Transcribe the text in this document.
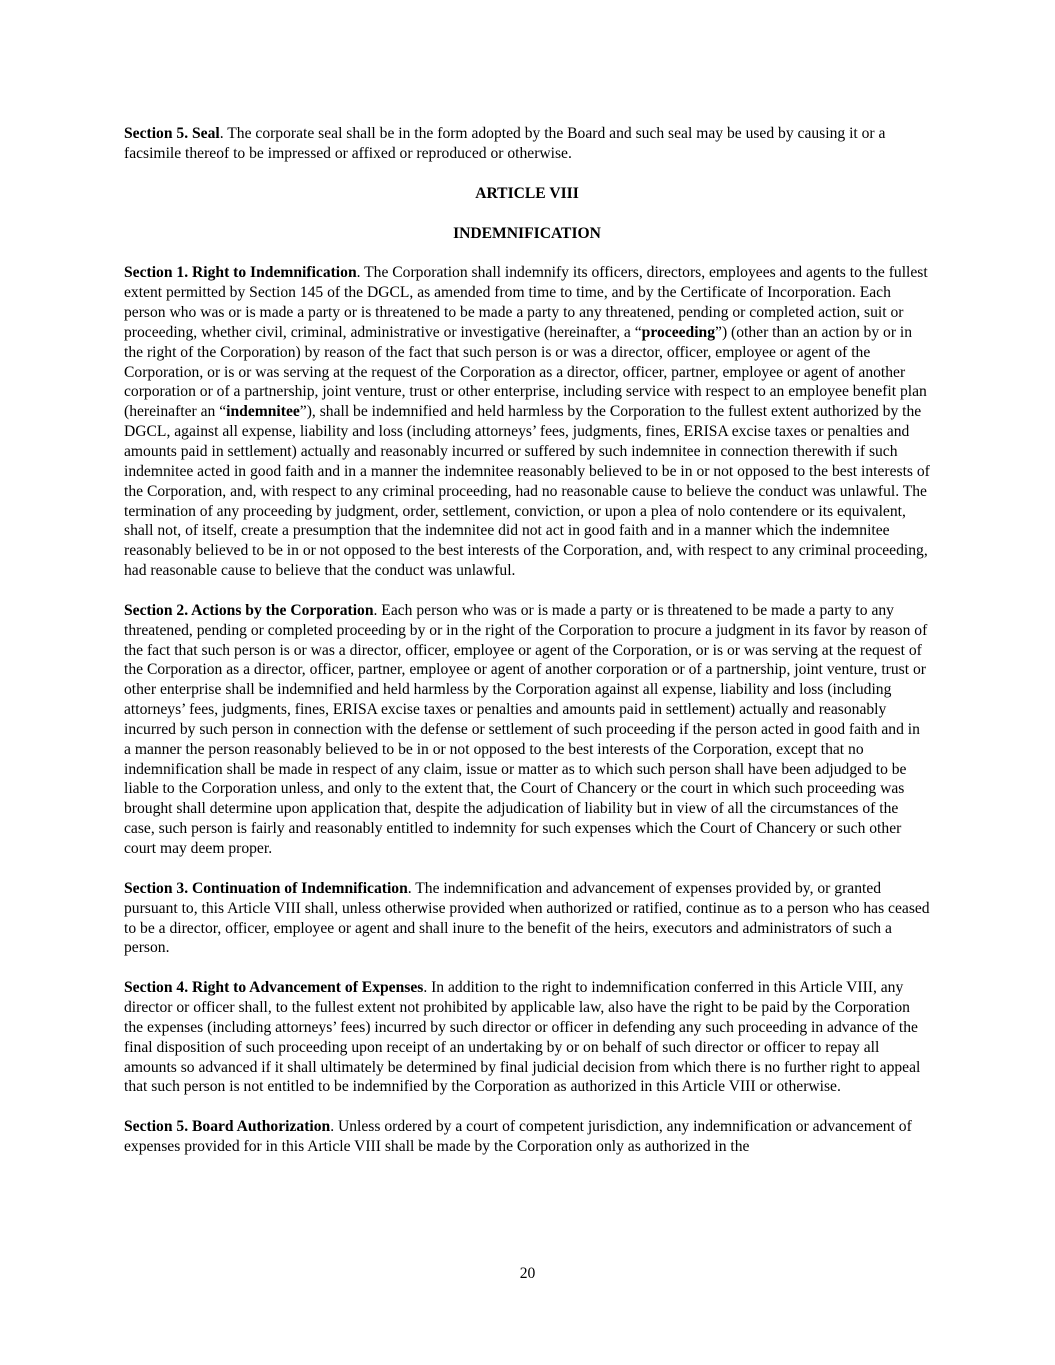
Section 5. Seal. The corporate seal shall be in the form adopted by the Board and such seal may be used by causing it or a facsimile thereof to be impressed or affixed or reproduced or otherwise.

ARTICLE VIII

INDEMNIFICATION

Section 1. Right to Indemnification. The Corporation shall indemnify its officers, directors, employees and agents to the fullest extent permitted by Section 145 of the DGCL, as amended from time to time, and by the Certificate of Incorporation. Each person who was or is made a party or is threatened to be made a party to any threatened, pending or completed action, suit or proceeding, whether civil, criminal, administrative or investigative (hereinafter, a “proceeding”) (other than an action by or in the right of the Corporation) by reason of the fact that such person is or was a director, officer, employee or agent of the Corporation, or is or was serving at the request of the Corporation as a director, officer, partner, employee or agent of another corporation or of a partnership, joint venture, trust or other enterprise, including service with respect to an employee benefit plan (hereinafter an “indemnitee”), shall be indemnified and held harmless by the Corporation to the fullest extent authorized by the DGCL, against all expense, liability and loss (including attorneys’ fees, judgments, fines, ERISA excise taxes or penalties and amounts paid in settlement) actually and reasonably incurred or suffered by such indemnitee in connection therewith if such indemnitee acted in good faith and in a manner the indemnitee reasonably believed to be in or not opposed to the best interests of the Corporation, and, with respect to any criminal proceeding, had no reasonable cause to believe the conduct was unlawful. The termination of any proceeding by judgment, order, settlement, conviction, or upon a plea of nolo contendere or its equivalent, shall not, of itself, create a presumption that the indemnitee did not act in good faith and in a manner which the indemnitee reasonably believed to be in or not opposed to the best interests of the Corporation, and, with respect to any criminal proceeding, had reasonable cause to believe that the conduct was unlawful.

Section 2. Actions by the Corporation. Each person who was or is made a party or is threatened to be made a party to any threatened, pending or completed proceeding by or in the right of the Corporation to procure a judgment in its favor by reason of the fact that such person is or was a director, officer, employee or agent of the Corporation, or is or was serving at the request of the Corporation as a director, officer, partner, employee or agent of another corporation or of a partnership, joint venture, trust or other enterprise shall be indemnified and held harmless by the Corporation against all expense, liability and loss (including attorneys’ fees, judgments, fines, ERISA excise taxes or penalties and amounts paid in settlement) actually and reasonably incurred by such person in connection with the defense or settlement of such proceeding if the person acted in good faith and in a manner the person reasonably believed to be in or not opposed to the best interests of the Corporation, except that no indemnification shall be made in respect of any claim, issue or matter as to which such person shall have been adjudged to be liable to the Corporation unless, and only to the extent that, the Court of Chancery or the court in which such proceeding was brought shall determine upon application that, despite the adjudication of liability but in view of all the circumstances of the case, such person is fairly and reasonably entitled to indemnity for such expenses which the Court of Chancery or such other court may deem proper.

Section 3. Continuation of Indemnification. The indemnification and advancement of expenses provided by, or granted pursuant to, this Article VIII shall, unless otherwise provided when authorized or ratified, continue as to a person who has ceased to be a director, officer, employee or agent and shall inure to the benefit of the heirs, executors and administrators of such a person.

Section 4. Right to Advancement of Expenses. In addition to the right to indemnification conferred in this Article VIII, any director or officer shall, to the fullest extent not prohibited by applicable law, also have the right to be paid by the Corporation the expenses (including attorneys’ fees) incurred by such director or officer in defending any such proceeding in advance of the final disposition of such proceeding upon receipt of an undertaking by or on behalf of such director or officer to repay all amounts so advanced if it shall ultimately be determined by final judicial decision from which there is no further right to appeal that such person is not entitled to be indemnified by the Corporation as authorized in this Article VIII or otherwise.

Section 5. Board Authorization. Unless ordered by a court of competent jurisdiction, any indemnification or advancement of expenses provided for in this Article VIII shall be made by the Corporation only as authorized in the

20
